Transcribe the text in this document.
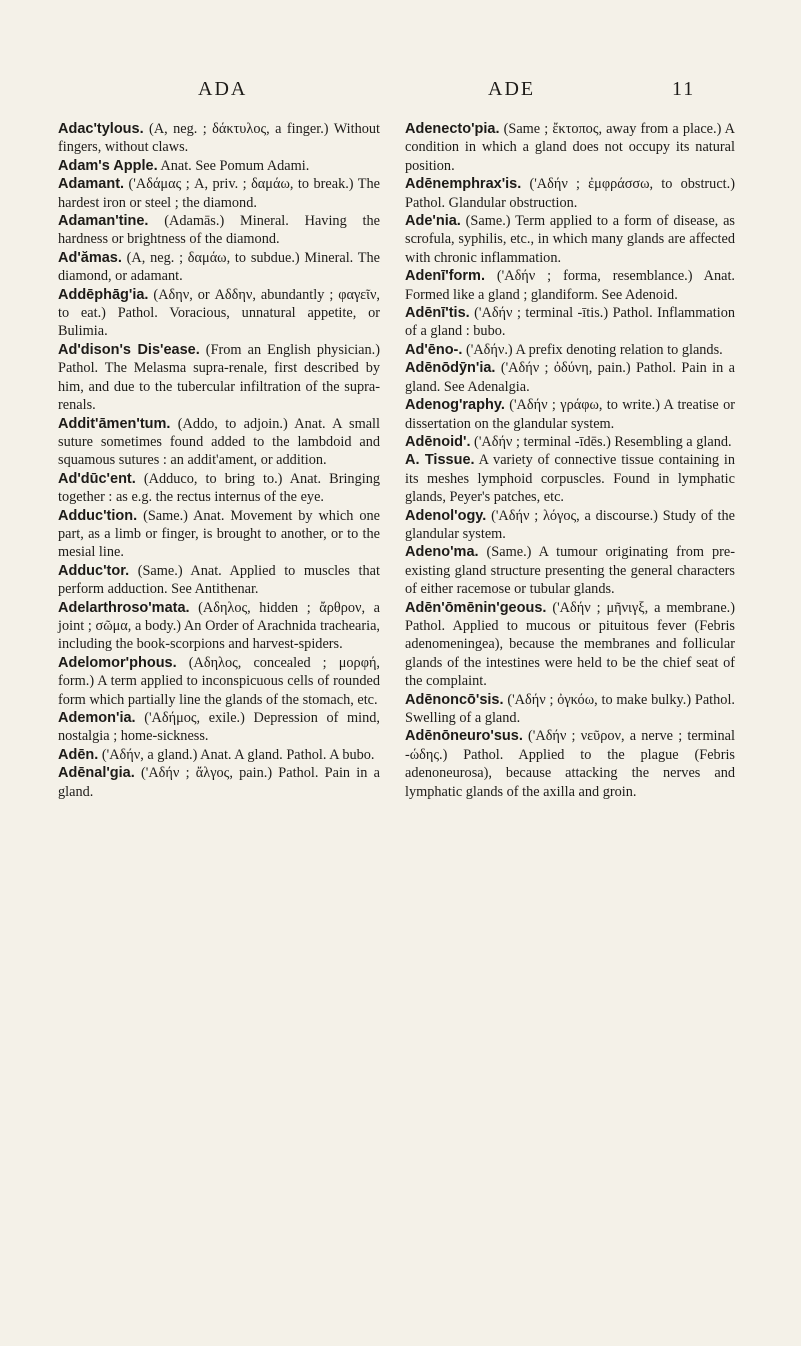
ADA	ADE	11

Adac'tylous. (A, neg. ; δάκτυλος, a finger.) Without fingers, without claws.

Adam's Apple. Anat. See Pomum Adami.

Adamant. ('Αδάμας ; A, priv. ; δαμάω, to break.) The hardest iron or steel ; the diamond.

Adaman'tine. (Adamās.) Mineral. Having the hardness or brightness of the diamond.

Ad'ămas. (A, neg. ; δαμάω, to subdue.) Mineral. The diamond, or adamant.

Addēphāg'ia. (Αδην, or Αδδην, abundantly ; φαγεῖν, to eat.) Pathol. Voracious, unnatural appetite, or Bulimia.

Ad'dison's Dis'ease. (From an English physician.) Pathol. The Melasma supra-renale, first described by him, and due to the tubercular infiltration of the supra-renals.

Addit'āmen'tum. (Addo, to adjoin.) Anat. A small suture sometimes found added to the lambdoid and squamous sutures : an addit'ament, or addition.

Ad'dūc'ent. (Adduco, to bring to.) Anat. Bringing together : as e.g. the rectus internus of the eye.

Adduc'tion. (Same.) Anat. Movement by which one part, as a limb or finger, is brought to another, or to the mesial line.

Adduc'tor. (Same.) Anat. Applied to muscles that perform adduction. See Antithenar.

Adelarthroso'mata. (Αδηλος, hidden ; ἄρθρον, a joint ; σῶμα, a body.) An Order of Arachnida trachearia, including the book-scorpions and harvest-spiders.

Adelomor'phous. (Αδηλος, concealed ; μορφή, form.) A term applied to inconspicuous cells of rounded form which partially line the glands of the stomach, etc.

Ademon'ia. ('Αδήμος, exile.) Depression of mind, nostalgia ; home-sickness.

Adēn. ('Αδήν, a gland.) Anat. A gland. Pathol. A bubo.

Adēnal'gia. ('Αδήν ; ἄλγος, pain.) Pathol. Pain in a gland.

Adenecto'pia. (Same ; ἔκτοπος, away from a place.) A condition in which a gland does not occupy its natural position.

Adēnemphrax'is. ('Αδήν ; ἐμφράσσω, to obstruct.) Pathol. Glandular obstruction.

Ade'nia. (Same.) Term applied to a form of disease, as scrofula, syphilis, etc., in which many glands are affected with chronic inflammation.

Adenī'form. ('Αδήν ; forma, resemblance.) Anat. Formed like a gland ; glandiform. See Adenoid.

Adēnī'tis. ('Αδήν ; terminal -ītis.) Pathol. Inflammation of a gland : bubo.

Ad'ēno-. ('Αδήν.) A prefix denoting relation to glands.

Adēnōdȳn'ia. ('Αδήν ; ὀδύνη, pain.) Pathol. Pain in a gland. See Adenalgia.

Adenog'raphy. ('Αδήν ; γράφω, to write.) A treatise or dissertation on the glandular system.

Adēnoid'. ('Αδήν ; terminal -īdēs.) Resembling a gland.

A. Tissue. A variety of connective tissue containing in its meshes lymphoid corpuscles. Found in lymphatic glands, Peyer's patches, etc.

Adenol'ogy. ('Αδήν ; λόγος, a discourse.) Study of the glandular system.

Adeno'ma. (Same.) A tumour originating from pre-existing gland structure presenting the general characters of either racemose or tubular glands.

Adēn'ōmēnin'geous. ('Αδήν ; μῆνιγξ, a membrane.) Pathol. Applied to mucous or pituitous fever (Febris adenomeningea), because the membranes and follicular glands of the intestines were held to be the chief seat of the complaint.

Adēnoncō'sis. ('Αδήν ; ὀγκόω, to make bulky.) Pathol. Swelling of a gland.

Adēnōneuro'sus. ('Αδήν ; νεῦρον, a nerve ; terminal -ώδης.) Pathol. Applied to the plague (Febris adenoneurosa), because attacking the nerves and lymphatic glands of the axilla and groin.
